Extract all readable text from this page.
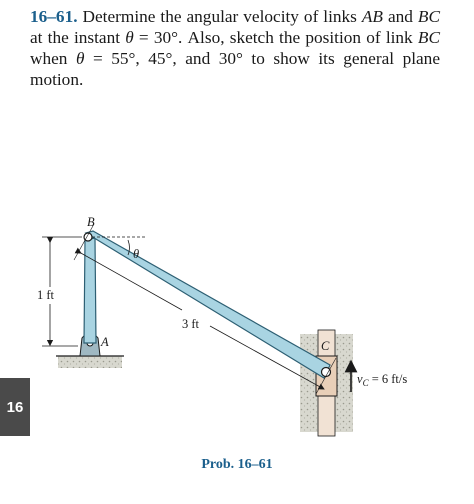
16–61. Determine the angular velocity of links AB and BC at the instant θ = 30°. Also, sketch the position of link BC when θ = 55°, 45°, and 30° to show its general plane motion.
1 ft
3 ft
θ
B
A	C
$v_C = 6$ ft/s
16
Prob. 16–61
